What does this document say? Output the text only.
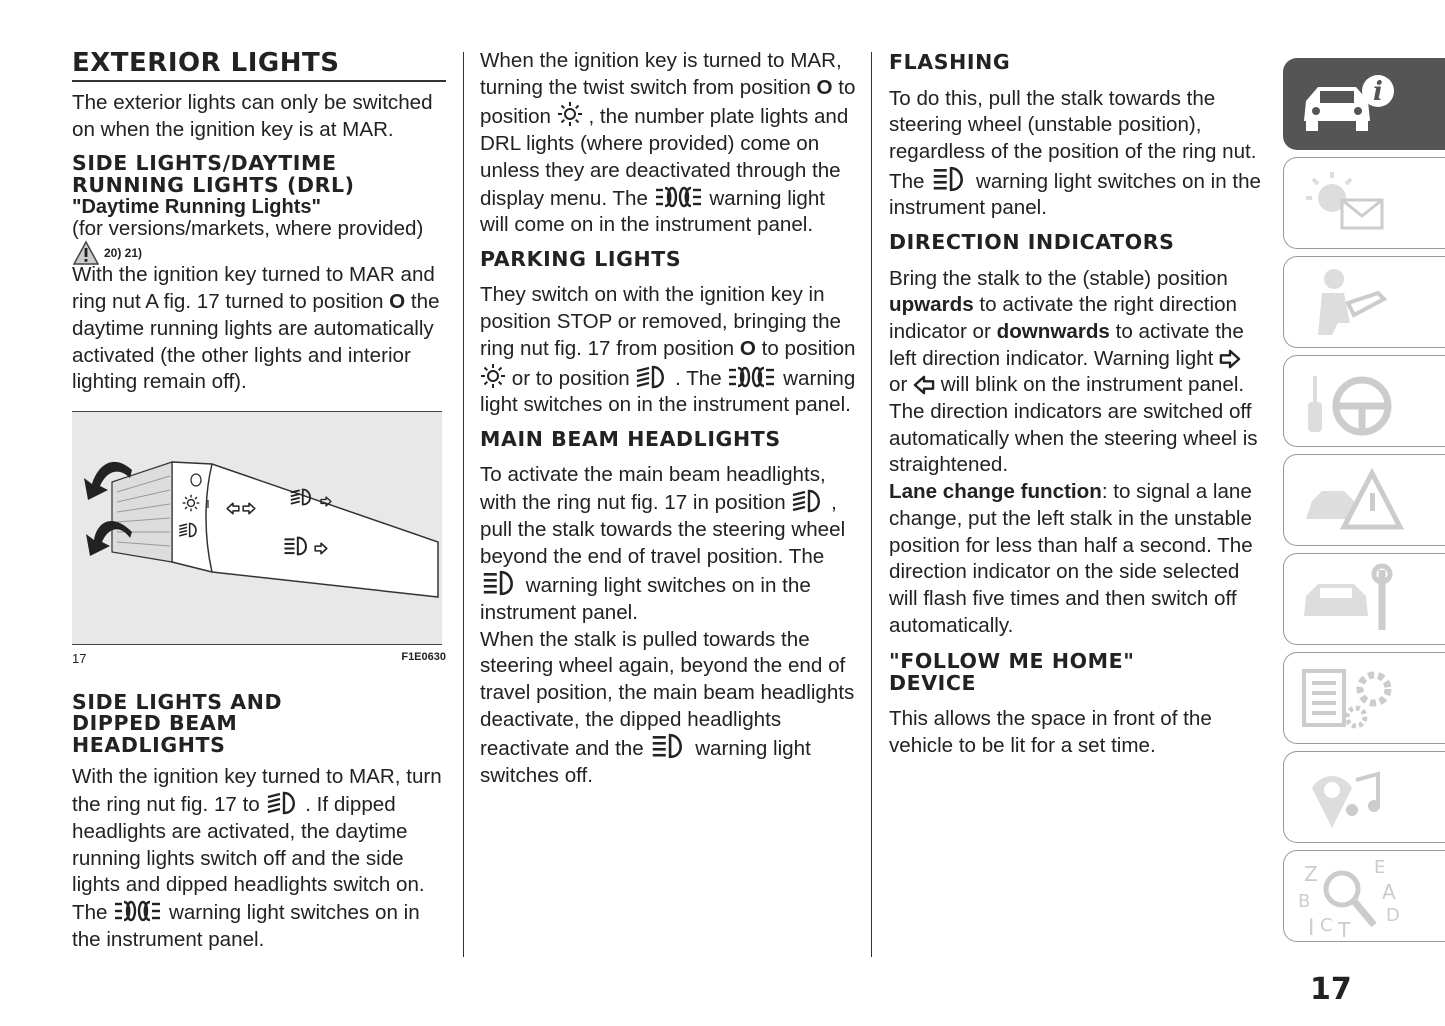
EXTERIOR LIGHTS

The exterior lights can only be switched on when the ignition key is at MAR.

SIDE LIGHTS/DAYTIME RUNNING LIGHTS (DRL)

"Daytime Running Lights"

(for versions/markets, where provided)

20) 21)

With the ignition key turned to MAR and ring nut A fig. 17 turned to position O the daytime running lights are automatically activated (the other lights and interior lighting remain off).

17	F1E0630
SIDE LIGHTS AND DIPPED BEAM HEADLIGHTS

With the ignition key turned to MAR, turn the ring nut fig. 17 to . If dipped headlights are activated, the daytime running lights switch off and the side lights and dipped headlights switch on. The	warning light switches on in the instrument panel.

When the ignition key is turned to MAR, turning the twist switch from position O to position , the number plate lights and DRL lights (where provided) come on unless they are deactivated through the display menu. The	warning light will come on in the instrument panel.

PARKING LIGHTS

They switch on with the ignition key in position STOP or removed, bringing the ring nut fig. 17 from position O to position  or to position . The	warning light switches on in the instrument panel.

MAIN BEAM HEADLIGHTS

To activate the main beam headlights, with the ring nut fig. 17 in position , pull the stalk towards the steering wheel beyond the end of travel position. The  warning light switches on in the instrument panel.

When the stalk is pulled towards the steering wheel again, beyond the end of travel position, the main beam headlights deactivate, the dipped headlights reactivate and the warning light switches off.

FLASHING

To do this, pull the stalk towards the steering wheel (unstable position), regardless of the position of the ring nut. The warning light switches on in the instrument panel.

DIRECTION INDICATORS

Bring the stalk to the (stable) position upwards to activate the right direction indicator or downwards to activate the left direction indicator. Warning light  or will blink on the instrument panel.

The direction indicators are switched off automatically when the steering wheel is straightened.

Lane change function: to signal a lane change, put the left stalk in the unstable position for less than half a second. The direction indicator on the side selected will flash five times and then switch off automatically.

"FOLLOW ME HOME" DEVICE

This allows the space in front of the vehicle to be lit for a set time.

i
Z	E
A
B
D
I C T
17
